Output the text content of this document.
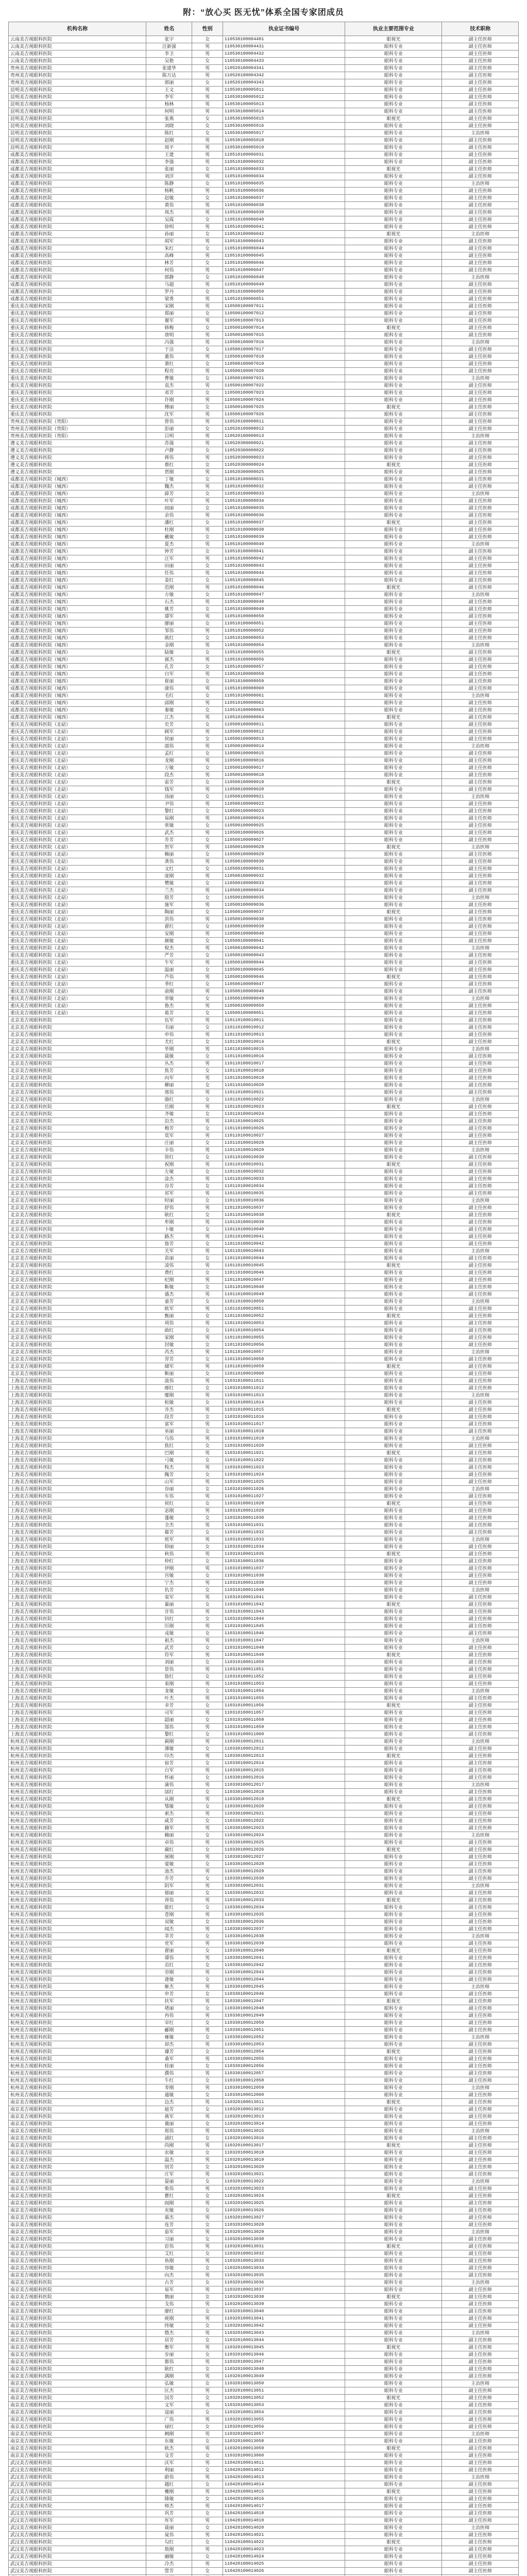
附：“放心买 医无忧”体系全国专家团成员
机构名称	姓名	性别	执业证书编号	执业主要范围专业	技术职称
云南美吉视眼科医院	张宇	女	110530100004481	眼视光	副主任医师
云南美吉视眼科医院	汪新强	男	110530100004431	眼科专业	副主任医师
云南美吉视眼科医院	李卫	男	110530100004432	眼科专业	副主任医师
云南美吉视眼科医院	吴艳	女	110530100004433	眼科专业	副主任医师
贵州美吉视眼科医院	张建华	男	110520100004341	眼科专业	副主任医师
贵州美吉视眼科医院	陈万达	男	110520100004342	眼科专业	副主任医师
贵州美吉视眼科医院	郭丽	女	110520100004343	眼科专业	副主任医师
昆明美吉视眼科医院	王文	男	110530100005011	眼科专业	副主任医师
昆明美吉视眼科医院	李军	男	110530100005012	眼科专业	副主任医师
昆明美吉视眼科医院	杨林	男	110530100005013	眼科专业	副主任医师
昆明美吉视眼科医院	何明	男	110530100005014	眼科专业	副主任医师
昆明美吉视眼科医院	张燕	女	110530100005015	眼视光	副主任医师
昆明美吉视眼科医院	刘晓	女	110530100005016	眼科专业	副主任医师
昆明美吉视眼科医院	陈红	女	110530100005017	眼科专业	主治医师
昆明美吉视眼科医院	赵刚	男	110530100005018	眼科专业	副主任医师
昆明美吉视眼科医院	周平	男	110530100005019	眼科专业	副主任医师
成都美吉视眼科医院	王建	男	110510100006031	眼科专业	副主任医师
成都美吉视眼科医院	李强	男	110510100006032	眼科专业	副主任医师
成都美吉视眼科医院	张丽	女	110510100006033	眼视光	副主任医师
成都美吉视眼科医院	刘洋	男	110510100006034	眼科专业	副主任医师
成都美吉视眼科医院	陈静	女	110510100006035	眼科专业	主治医师
成都美吉视眼科医院	杨帆	男	110510100006036	眼科专业	副主任医师
成都美吉视眼科医院	赵敏	女	110510100006037	眼科专业	副主任医师
成都美吉视眼科医院	黄伟	男	110510100006038	眼科专业	副主任医师
成都美吉视眼科医院	周杰	男	110510100006039	眼科专业	副主任医师
成都美吉视眼科医院	吴霞	女	110510100006040	眼科专业	副主任医师
成都美吉视眼科医院	徐明	男	110510100006041	眼科专业	副主任医师
成都美吉视眼科医院	孙丽	女	110510100006042	眼视光	主治医师
成都美吉视眼科医院	胡军	男	110510100006043	眼科专业	副主任医师
成都美吉视眼科医院	朱红	女	110510100006044	眼科专业	副主任医师
成都美吉视眼科医院	高峰	男	110510100006045	眼科专业	副主任医师
成都美吉视眼科医院	林芳	女	110510100006046	眼科专业	副主任医师
成都美吉视眼科医院	何伟	男	110510100006047	眼科专业	副主任医师
成都美吉视眼科医院	郭静	女	110510100006048	眼科专业	主治医师
成都美吉视眼科医院	马超	男	110510100006049	眼科专业	副主任医师
成都美吉视眼科医院	罗丹	女	110510100006050	眼科专业	副主任医师
成都美吉视眼科医院	梁勇	男	110510100006051	眼科专业	副主任医师
重庆美吉视眼科医院	宋刚	男	110500100007011	眼科专业	副主任医师
重庆美吉视眼科医院	郑丽	女	110500100007012	眼科专业	副主任医师
重庆美吉视眼科医院	谢军	男	110500100007013	眼科专业	副主任医师
重庆美吉视眼科医院	韩梅	女	110500100007014	眼视光	副主任医师
重庆美吉视眼科医院	唐明	男	110500100007015	眼科专业	副主任医师
重庆美吉视眼科医院	冯强	男	110500100007016	眼科专业	主治医师
重庆美吉视眼科医院	于洁	女	110500100007017	眼科专业	副主任医师
重庆美吉视眼科医院	董伟	男	110500100007018	眼科专业	副主任医师
重庆美吉视眼科医院	萧红	女	110500100007019	眼科专业	副主任医师
重庆美吉视眼科医院	程亮	男	110500100007020	眼科专业	副主任医师
重庆美吉视眼科医院	曹敏	女	110500100007021	眼科专业	主治医师
重庆美吉视眼科医院	袁杰	男	110500100007022	眼科专业	副主任医师
重庆美吉视眼科医院	邓芳	女	110500100007023	眼科专业	副主任医师
重庆美吉视眼科医院	许刚	男	110500100007024	眼科专业	副主任医师
重庆美吉视眼科医院	傅丽	女	110500100007025	眼视光	副主任医师
重庆美吉视眼科医院	沈军	男	110500100007026	眼科专业	副主任医师
贵州美吉视眼科医院（贵阳）	曾伟	男	110520100008011	眼科专业	副主任医师
贵州美吉视眼科医院（贵阳）	彭丽	女	110520100008012	眼科专业	副主任医师
贵州美吉视眼科医院（贵阳）	吕明	男	110520100008013	眼科专业	主治医师
遵义美吉视眼科医院	苏强	男	110520300008021	眼科专业	副主任医师
遵义美吉视眼科医院	卢静	女	110520300008022	眼科专业	副主任医师
遵义美吉视眼科医院	蒋伟	男	110520300008023	眼科专业	副主任医师
遵义美吉视眼科医院	蔡红	女	110520300008024	眼视光	副主任医师
遵义美吉视眼科医院	贾刚	男	110520300008025	眼科专业	副主任医师
成都美吉视眼科医院（城西）	丁敏	女	110510100008031	眼科专业	副主任医师
成都美吉视眼科医院（城西）	魏杰	男	110510100008032	眼科专业	副主任医师
成都美吉视眼科医院（城西）	薛芳	女	110510100008033	眼科专业	主治医师
成都美吉视眼科医院（城西）	叶军	男	110510100008034	眼科专业	副主任医师
成都美吉视眼科医院（城西）	阎丽	女	110510100008035	眼科专业	副主任医师
成都美吉视眼科医院（城西）	余伟	男	110510100008036	眼科专业	副主任医师
成都美吉视眼科医院（城西）	潘红	女	110510100008037	眼视光	副主任医师
成都美吉视眼科医院（城西）	杜刚	男	110510100008038	眼科专业	副主任医师
成都美吉视眼科医院（城西）	戴敏	女	110510100008039	眼科专业	副主任医师
成都美吉视眼科医院（城西）	夏杰	男	110510100008040	眼科专业	主治医师
成都美吉视眼科医院（城西）	钟芳	女	110510100008041	眼科专业	副主任医师
成都美吉视眼科医院（城西）	汪军	男	110510100008042	眼科专业	副主任医师
成都美吉视眼科医院（城西）	田丽	女	110510100008043	眼科专业	副主任医师
成都美吉视眼科医院（城西）	任伟	男	110510100008044	眼科专业	副主任医师
成都美吉视眼科医院（城西）	姜红	女	110510100008045	眼科专业	副主任医师
成都美吉视眼科医院（城西）	范刚	男	110510100008046	眼视光	副主任医师
成都美吉视眼科医院（城西）	方敏	女	110510100008047	眼科专业	主治医师
成都美吉视眼科医院（城西）	石杰	男	110510100008048	眼科专业	副主任医师
成都美吉视眼科医院（城西）	姚芳	女	110510100008049	眼科专业	副主任医师
成都美吉视眼科医院（城西）	谭军	男	110510100008050	眼科专业	副主任医师
成都美吉视眼科医院（城西）	廖丽	女	110510100008051	眼科专业	副主任医师
成都美吉视眼科医院（城西）	邹伟	男	110510100008052	眼科专业	副主任医师
成都美吉视眼科医院（城西）	熊红	女	110510100008053	眼科专业	副主任医师
成都美吉视眼科医院（城西）	金刚	男	110510100008054	眼科专业	主治医师
成都美吉视眼科医院（城西）	陆敏	女	110510100008055	眼视光	副主任医师
成都美吉视眼科医院（城西）	郝杰	男	110510100008056	眼科专业	副主任医师
成都美吉视眼科医院（城西）	孔芳	女	110510100008057	眼科专业	副主任医师
成都美吉视眼科医院（城西）	白军	男	110510100008058	眼科专业	副主任医师
成都美吉视眼科医院（城西）	崔丽	女	110510100008059	眼科专业	副主任医师
成都美吉视眼科医院（城西）	康伟	男	110510100008060	眼科专业	副主任医师
成都美吉视眼科医院（城西）	毛红	女	110510100008061	眼科专业	主治医师
成都美吉视眼科医院（城西）	邱刚	男	110510100008062	眼科专业	副主任医师
成都美吉视眼科医院（城西）	秦敏	女	110510100008063	眼科专业	副主任医师
成都美吉视眼科医院（城西）	江杰	男	110510100008064	眼视光	副主任医师
重庆美吉视眼科医院（北碚）	史芳	女	110500100009011	眼科专业	副主任医师
重庆美吉视眼科医院（北碚）	顾军	男	110500100009012	眼科专业	副主任医师
重庆美吉视眼科医院（北碚）	侯丽	女	110500100009013	眼科专业	副主任医师
重庆美吉视眼科医院（北碚）	邵伟	男	110500100009014	眼科专业	主治医师
重庆美吉视眼科医院（北碚）	孟红	女	110500100009015	眼科专业	副主任医师
重庆美吉视眼科医院（北碚）	龙刚	男	110500100009016	眼科专业	副主任医师
重庆美吉视眼科医院（北碚）	万敏	女	110500100009017	眼科专业	副主任医师
重庆美吉视眼科医院（北碚）	段杰	男	110500100009018	眼科专业	副主任医师
重庆美吉视眼科医院（北碚）	雷芳	女	110500100009019	眼视光	副主任医师
重庆美吉视眼科医院（北碚）	钱军	男	110500100009020	眼科专业	副主任医师
重庆美吉视眼科医院（北碚）	汤丽	女	110500100009021	眼科专业	主治医师
重庆美吉视眼科医院（北碚）	尹伟	男	110500100009022	眼科专业	副主任医师
重庆美吉视眼科医院（北碚）	黎红	女	110500100009023	眼科专业	副主任医师
重庆美吉视眼科医院（北碚）	易刚	男	110500100009024	眼科专业	副主任医师
重庆美吉视眼科医院（北碚）	常敏	女	110500100009025	眼科专业	副主任医师
重庆美吉视眼科医院（北碚）	武杰	男	110500100009026	眼科专业	副主任医师
重庆美吉视眼科医院（北碚）	乔芳	女	110500100009027	眼科专业	副主任医师
重庆美吉视眼科医院（北碚）	贺军	男	110500100009028	眼视光	主治医师
重庆美吉视眼科医院（北碚）	赖丽	女	110500100009029	眼科专业	副主任医师
重庆美吉视眼科医院（北碚）	龚伟	男	110500100009030	眼科专业	副主任医师
重庆美吉视眼科医院（北碚）	文红	女	110500100009031	眼科专业	副主任医师
重庆美吉视眼科医院（北碚）	庞刚	男	110500100009032	眼科专业	副主任医师
重庆美吉视眼科医院（北碚）	樊敏	女	110500100009033	眼科专业	副主任医师
重庆美吉视眼科医院（北碚）	兰杰	男	110500100009034	眼科专业	副主任医师
重庆美吉视眼科医院（北碚）	殷芳	女	110500100009035	眼科专业	主治医师
重庆美吉视眼科医院（北碚）	施军	男	110500100009036	眼科专业	副主任医师
重庆美吉视眼科医院（北碚）	陶丽	女	110500100009037	眼视光	副主任医师
重庆美吉视眼科医院（北碚）	洪伟	男	110500100009038	眼科专业	副主任医师
重庆美吉视眼科医院（北碚）	翟红	女	110500100009039	眼科专业	副主任医师
重庆美吉视眼科医院（北碚）	安刚	男	110500100009040	眼科专业	副主任医师
重庆美吉视眼科医院（北碚）	颜敏	女	110500100009041	眼科专业	副主任医师
重庆美吉视眼科医院（北碚）	倪杰	男	110500100009042	眼科专业	主治医师
重庆美吉视眼科医院（北碚）	严芳	女	110500100009043	眼科专业	副主任医师
重庆美吉视眼科医院（北碚）	牛军	男	110500100009044	眼科专业	副主任医师
重庆美吉视眼科医院（北碚）	温丽	女	110500100009045	眼科专业	副主任医师
重庆美吉视眼科医院（北碚）	芦伟	男	110500100009046	眼视光	副主任医师
重庆美吉视眼科医院（北碚）	季红	女	110500100009047	眼科专业	副主任医师
重庆美吉视眼科医院（北碚）	俞刚	男	110500100009048	眼科专业	副主任医师
重庆美吉视眼科医院（北碚）	章敏	女	110500100009049	眼科专业	主治医师
重庆美吉视眼科医院（北碚）	鲁杰	男	110500100009050	眼科专业	副主任医师
重庆美吉视眼科医院（北碚）	葛芳	女	110500100009051	眼科专业	副主任医师
北京美吉视眼科医院	伍军	男	110110100010011	眼科专业	副主任医师
北京美吉视眼科医院	韦丽	女	110110100010012	眼科专业	副主任医师
北京美吉视眼科医院	申伟	男	110110100010013	眼科专业	副主任医师
北京美吉视眼科医院	尤红	女	110110100010014	眼视光	副主任医师
北京美吉视眼科医院	毕刚	男	110110100010015	眼科专业	主治医师
北京美吉视眼科医院	聂敏	女	110110100010016	眼科专业	副主任医师
北京美吉视眼科医院	丛杰	男	110110100010017	眼科专业	副主任医师
北京美吉视眼科医院	焦芳	女	110110100010018	眼科专业	副主任医师
北京美吉视眼科医院	向军	男	110110100010019	眼科专业	副主任医师
北京美吉视眼科医院	柳丽	女	110110100010020	眼科专业	副主任医师
北京美吉视眼科医院	邢伟	男	110110100010021	眼科专业	副主任医师
北京美吉视眼科医院	骆红	女	110110100010022	眼科专业	主治医师
北京美吉视眼科医院	岳刚	男	110110100010023	眼视光	副主任医师
北京美吉视眼科医院	齐敏	女	110110100010024	眼科专业	副主任医师
北京美吉视眼科医院	沿杰	男	110110100010025	眼科专业	副主任医师
北京美吉视眼科医院	梅芳	女	110110100010026	眼科专业	副主任医师
北京美吉视眼科医院	莫军	男	110110100010027	眼科专业	副主任医师
北京美吉视眼科医院	庄丽	女	110110100010028	眼科专业	副主任医师
北京美吉视眼科医院	辛伟	男	110110100010029	眼科专业	主治医师
北京美吉视眼科医院	管红	女	110110100010030	眼科专业	副主任医师
北京美吉视眼科医院	祝刚	男	110110100010031	眼视光	副主任医师
北京美吉视眼科医院	左敏	女	110110100010032	眼科专业	副主任医师
北京美吉视眼科医院	涂杰	男	110110100010033	眼科专业	副主任医师
北京美吉视眼科医院	谷芳	女	110110100010034	眼科专业	副主任医师
北京美吉视眼科医院	祁军	男	110110100010035	眼科专业	副主任医师
北京美吉视眼科医院	时丽	女	110110100010036	眼科专业	主治医师
北京美吉视眼科医院	舒伟	男	110110100010037	眼科专业	副主任医师
北京美吉视眼科医院	耿红	女	110110100010038	眼视光	副主任医师
北京美吉视眼科医院	牟刚	男	110110100010039	眼科专业	副主任医师
北京美吉视眼科医院	卜敏	女	110110100010040	眼科专业	副主任医师
北京美吉视眼科医院	路杰	男	110110100010041	眼科专业	副主任医师
北京美吉视眼科医院	詹芳	女	110110100010042	眼科专业	副主任医师
北京美吉视眼科医院	关军	男	110110100010043	眼科专业	主治医师
北京美吉视眼科医院	苗丽	女	110110100010044	眼科专业	副主任医师
北京美吉视眼科医院	凌伟	男	110110100010045	眼视光	副主任医师
北京美吉视眼科医院	费红	女	110110100010046	眼科专业	副主任医师
北京美吉视眼科医院	纪刚	男	110110100010047	眼科专业	副主任医师
北京美吉视眼科医院	靳敏	女	110110100010048	眼科专业	副主任医师
北京美吉视眼科医院	盛杰	男	110110100010049	眼科专业	副主任医师
北京美吉视眼科医院	童芳	女	110110100010050	眼科专业	主治医师
北京美吉视眼科医院	欧军	男	110110100010051	眼科专业	副主任医师
北京美吉视眼科医院	甄丽	女	110110100010052	眼视光	副主任医师
北京美吉视眼科医院	项伟	男	110110100010053	眼科专业	副主任医师
北京美吉视眼科医院	曲红	女	110110100010054	眼科专业	副主任医师
北京美吉视眼科医院	家刚	男	110110100010055	眼科专业	副主任医师
北京美吉视眼科医院	封敏	女	110110100010056	眼科专业	副主任医师
北京美吉视眼科医院	芮杰	男	110110100010057	眼科专业	主治医师
北京美吉视眼科医院	羿芳	女	110110100010058	眼科专业	副主任医师
北京美吉视眼科医院	储军	男	110110100010059	眼视光	副主任医师
北京美吉视眼科医院	靳丽	女	110110100010060	眼科专业	副主任医师
上海美吉视眼科医院	汲伟	男	110310100011011	眼科专业	副主任医师
上海美吉视眼科医院	邴红	女	110310100011012	眼科专业	副主任医师
上海美吉视眼科医院	糜刚	男	110310100011013	眼科专业	主治医师
上海美吉视眼科医院	松敏	女	110310100011014	眼科专业	副主任医师
上海美吉视眼科医院	井杰	男	110310100011015	眼视光	副主任医师
上海美吉视眼科医院	段芳	女	110310100011016	眼科专业	副主任医师
上海美吉视眼科医院	富军	男	110310100011017	眼科专业	副主任医师
上海美吉视眼科医院	巫丽	女	110310100011018	眼科专业	副主任医师
上海美吉视眼科医院	乌伟	男	110310100011019	眼科专业	主治医师
上海美吉视眼科医院	焦红	女	110310100011020	眼科专业	副主任医师
上海美吉视眼科医院	巴刚	男	110310100011021	眼视光	副主任医师
上海美吉视眼科医院	弓敏	女	110310100011022	眼科专业	副主任医师
上海美吉视眼科医院	牧杰	男	110310100011023	眼科专业	副主任医师
上海美吉视眼科医院	隗芳	女	110310100011024	眼科专业	副主任医师
上海美吉视眼科医院	山军	男	110310100011025	眼科专业	副主任医师
上海美吉视眼科医院	谷丽	女	110310100011026	眼科专业	主治医师
上海美吉视眼科医院	车伟	男	110310100011027	眼科专业	副主任医师
上海美吉视眼科医院	侯红	女	110310100011028	眼视光	副主任医师
上海美吉视眼科医院	宓刚	男	110310100011029	眼科专业	副主任医师
上海美吉视眼科医院	蓬敏	女	110310100011030	眼科专业	副主任医师
上海美吉视眼科医院	全杰	男	110310100011031	眼科专业	副主任医师
上海美吉视眼科医院	郗芳	女	110310100011032	眼科专业	副主任医师
上海美吉视眼科医院	班军	男	110310100011033	眼科专业	主治医师
上海美吉视眼科医院	仰丽	女	110310100011034	眼科专业	副主任医师
上海美吉视眼科医院	秋伟	男	110310100011035	眼视光	副主任医师
上海美吉视眼科医院	仲红	女	110310100011036	眼科专业	副主任医师
上海美吉视眼科医院	伊刚	男	110310100011037	眼科专业	副主任医师
上海美吉视眼科医院	宫敏	女	110310100011038	眼科专业	副主任医师
上海美吉视眼科医院	宁杰	男	110310100011039	眼科专业	副主任医师
上海美吉视眼科医院	仇芳	女	110310100011040	眼科专业	主治医师
上海美吉视眼科医院	栾军	男	110310100011041	眼科专业	副主任医师
上海美吉视眼科医院	暴丽	女	110310100011042	眼视光	副主任医师
上海美吉视眼科医院	甘伟	男	110310100011043	眼科专业	副主任医师
上海美吉视眼科医院	钭红	女	110310100011044	眼科专业	副主任医师
上海美吉视眼科医院	厉刚	男	110310100011045	眼科专业	副主任医师
上海美吉视眼科医院	戎敏	女	110310100011046	眼科专业	副主任医师
上海美吉视眼科医院	祖杰	男	110310100011047	眼科专业	主治医师
上海美吉视眼科医院	武芳	女	110310100011048	眼科专业	副主任医师
上海美吉视眼科医院	符军	男	110310100011049	眼视光	副主任医师
上海美吉视眼科医院	刘丽	女	110310100011050	眼科专业	副主任医师
上海美吉视眼科医院	景伟	男	110310100011051	眼科专业	副主任医师
上海美吉视眼科医院	詹红	女	110310100011052	眼科专业	副主任医师
上海美吉视眼科医院	束刚	男	110310100011053	眼科专业	副主任医师
上海美吉视眼科医院	龙敏	女	110310100011054	眼科专业	主治医师
上海美吉视眼科医院	叶杰	男	110310100011055	眼科专业	副主任医师
上海美吉视眼科医院	幸芳	女	110310100011056	眼视光	副主任医师
上海美吉视眼科医院	司军	男	110310100011057	眼科专业	副主任医师
上海美吉视眼科医院	韶丽	女	110310100011058	眼科专业	副主任医师
上海美吉视眼科医院	郜伟	男	110310100011059	眼科专业	副主任医师
上海美吉视眼科医院	黎红	女	110310100011060	眼科专业	副主任医师
杭州美吉视眼科医院	蓟刚	男	110330100012011	眼科专业	主治医师
杭州美吉视眼科医院	薄敏	女	110330100012012	眼科专业	副主任医师
杭州美吉视眼科医院	印杰	男	110330100012013	眼视光	副主任医师
杭州美吉视眼科医院	宿芳	女	110330100012014	眼科专业	副主任医师
杭州美吉视眼科医院	白军	男	110330100012015	眼科专业	副主任医师
杭州美吉视眼科医院	怀丽	女	110330100012016	眼科专业	副主任医师
杭州美吉视眼科医院	蒲伟	男	110330100012017	眼科专业	主治医师
杭州美吉视眼科医院	邰红	女	110330100012018	眼科专业	副主任医师
杭州美吉视眼科医院	从刚	男	110330100012019	眼视光	副主任医师
杭州美吉视眼科医院	鄂敏	女	110330100012020	眼科专业	副主任医师
杭州美吉视眼科医院	索杰	男	110330100012021	眼科专业	副主任医师
杭州美吉视眼科医院	咸芳	女	110330100012022	眼科专业	副主任医师
杭州美吉视眼科医院	籍军	男	110330100012023	眼科专业	副主任医师
杭州美吉视眼科医院	赖丽	女	110330100012024	眼科专业	主治医师
杭州美吉视眼科医院	卓伟	男	110330100012025	眼科专业	副主任医师
杭州美吉视眼科医院	蔺红	女	110330100012026	眼视光	副主任医师
杭州美吉视眼科医院	屠刚	男	110330100012027	眼科专业	副主任医师
杭州美吉视眼科医院	蒙敏	女	110330100012028	眼科专业	副主任医师
杭州美吉视眼科医院	池杰	男	110330100012029	眼科专业	副主任医师
杭州美吉视眼科医院	乔芳	女	110330100012030	眼科专业	副主任医师
杭州美吉视眼科医院	阴军	男	110330100012031	眼科专业	主治医师
杭州美吉视眼科医院	郁丽	女	110330100012032	眼科专业	副主任医师
杭州美吉视眼科医院	胥伟	男	110330100012033	眼视光	副主任医师
杭州美吉视眼科医院	能红	女	110330100012034	眼科专业	副主任医师
杭州美吉视眼科医院	苍刚	男	110330100012035	眼科专业	副主任医师
杭州美吉视眼科医院	双敏	女	110330100012036	眼科专业	副主任医师
杭州美吉视眼科医院	闻杰	男	110330100012037	眼科专业	副主任医师
杭州美吉视眼科医院	莘芳	女	110330100012038	眼科专业	主治医师
杭州美吉视眼科医院	党军	男	110330100012039	眼科专业	副主任医师
杭州美吉视眼科医院	翟丽	女	110330100012040	眼视光	副主任医师
杭州美吉视眼科医院	谭伟	男	110330100012041	眼科专业	副主任医师
杭州美吉视眼科医院	贡红	女	110330100012042	眼科专业	副主任医师
杭州美吉视眼科医院	劳刚	男	110330100012043	眼科专业	副主任医师
杭州美吉视眼科医院	逄敏	女	110330100012044	眼科专业	副主任医师
杭州美吉视眼科医院	姬杰	男	110330100012045	眼科专业	主治医师
杭州美吉视眼科医院	申芳	女	110330100012046	眼科专业	副主任医师
杭州美吉视眼科医院	扶军	男	110330100012047	眼视光	副主任医师
杭州美吉视眼科医院	堵丽	女	110330100012048	眼科专业	副主任医师
杭州美吉视眼科医院	冉伟	男	110330100012049	眼科专业	副主任医师
杭州美吉视眼科医院	宰红	女	110330100012050	眼科专业	副主任医师
杭州美吉视眼科医院	郦刚	男	110330100012051	眼科专业	副主任医师
杭州美吉视眼科医院	雍敏	女	110330100012052	眼科专业	主治医师
杭州美吉视眼科医院	却杰	男	110330100012053	眼科专业	副主任医师
杭州美吉视眼科医院	璩芳	女	110330100012054	眼视光	副主任医师
杭州美吉视眼科医院	桑军	男	110330100012055	眼科专业	副主任医师
杭州美吉视眼科医院	桂丽	女	110330100012056	眼科专业	副主任医师
杭州美吉视眼科医院	濮伟	男	110330100012057	眼科专业	副主任医师
杭州美吉视眼科医院	牛红	女	110330100012058	眼科专业	副主任医师
杭州美吉视眼科医院	寿刚	男	110330100012059	眼科专业	主治医师
杭州美吉视眼科医院	通敏	女	110330100012060	眼科专业	副主任医师
南京美吉视眼科医院	边杰	男	110320100013011	眼视光	副主任医师
南京美吉视眼科医院	扈芳	女	110320100013012	眼科专业	副主任医师
南京美吉视眼科医院	燕军	男	110320100013013	眼科专业	副主任医师
南京美吉视眼科医院	冀丽	女	110320100013014	眼科专业	副主任医师
南京美吉视眼科医院	郏伟	男	110320100013015	眼科专业	主治医师
南京美吉视眼科医院	浦红	女	110320100013016	眼科专业	副主任医师
南京美吉视眼科医院	尚刚	男	110320100013017	眼视光	副主任医师
南京美吉视眼科医院	农敏	女	110320100013018	眼科专业	副主任医师
南京美吉视眼科医院	温杰	男	110320100013019	眼科专业	副主任医师
南京美吉视眼科医院	别芳	女	110320100013020	眼科专业	副主任医师
南京美吉视眼科医院	庄军	男	110320100013021	眼科专业	副主任医师
南京美吉视眼科医院	晏丽	女	110320100013022	眼科专业	主治医师
南京美吉视眼科医院	柴伟	男	110320100013023	眼科专业	副主任医师
南京美吉视眼科医院	瞿红	女	110320100013024	眼视光	副主任医师
南京美吉视眼科医院	阎刚	男	110320100013025	眼科专业	副主任医师
南京美吉视眼科医院	充敏	女	110320100013026	眼科专业	副主任医师
南京美吉视眼科医院	慕杰	男	110320100013027	眼科专业	副主任医师
南京美吉视眼科医院	连芳	女	110320100013028	眼科专业	副主任医师
南京美吉视眼科医院	茹军	男	110320100013029	眼科专业	主治医师
南京美吉视眼科医院	习丽	女	110320100013030	眼科专业	副主任医师
南京美吉视眼科医院	宦伟	男	110320100013031	眼视光	副主任医师
南京美吉视眼科医院	艾红	女	110320100013032	眼科专业	副主任医师
南京美吉视眼科医院	鱼刚	男	110320100013033	眼科专业	副主任医师
南京美吉视眼科医院	容敏	女	110320100013034	眼科专业	副主任医师
南京美吉视眼科医院	向杰	男	110320100013035	眼科专业	副主任医师
南京美吉视眼科医院	古芳	女	110320100013036	眼科专业	主治医师
南京美吉视眼科医院	易军	男	110320100013037	眼科专业	副主任医师
南京美吉视眼科医院	慎丽	女	110320100013038	眼视光	副主任医师
南京美吉视眼科医院	戈伟	男	110320100013039	眼科专业	副主任医师
南京美吉视眼科医院	廖红	女	110320100013040	眼科专业	副主任医师
南京美吉视眼科医院	庾刚	男	110320100013041	眼科专业	副主任医师
南京美吉视眼科医院	终敏	女	110320100013042	眼科专业	副主任医师
南京美吉视眼科医院	暨杰	男	110320100013043	眼科专业	主治医师
南京美吉视眼科医院	居芳	女	110320100013044	眼科专业	副主任医师
南京美吉视眼科医院	衡军	男	110320100013045	眼视光	副主任医师
南京美吉视眼科医院	步丽	女	110320100013046	眼科专业	副主任医师
南京美吉视眼科医院	都伟	男	110320100013047	眼科专业	副主任医师
南京美吉视眼科医院	耿红	女	110320100013048	眼科专业	副主任医师
南京美吉视眼科医院	满刚	男	110320100013049	眼科专业	副主任医师
南京美吉视眼科医院	弘敏	女	110320100013050	眼科专业	主治医师
南京美吉视眼科医院	匡杰	男	110320100013051	眼科专业	副主任医师
南京美吉视眼科医院	国芳	女	110320100013052	眼视光	副主任医师
南京美吉视眼科医院	文军	男	110320100013053	眼科专业	副主任医师
南京美吉视眼科医院	寇丽	女	110320100013054	眼科专业	副主任医师
南京美吉视眼科医院	广伟	男	110320100013055	眼科专业	副主任医师
南京美吉视眼科医院	禄红	女	110320100013056	眼科专业	副主任医师
南京美吉视眼科医院	阙刚	男	110320100013057	眼科专业	主治医师
南京美吉视眼科医院	东敏	女	110320100013058	眼科专业	副主任医师
南京美吉视眼科医院	欧杰	男	110320100013059	眼视光	副主任医师
南京美吉视眼科医院	殳芳	女	110320100013060	眼科专业	副主任医师
武汉美吉视眼科医院	沃军	男	110420100014011	眼科专业	副主任医师
武汉美吉视眼科医院	利丽	女	110420100014012	眼科专业	副主任医师
武汉美吉视眼科医院	蔚伟	男	110420100014013	眼科专业	主治医师
武汉美吉视眼科医院	越红	女	110420100014014	眼科专业	副主任医师
武汉美吉视眼科医院	夔刚	男	110420100014015	眼视光	副主任医师
武汉美吉视眼科医院	隆敏	女	110420100014016	眼科专业	副主任医师
武汉美吉视眼科医院	师杰	男	110420100014017	眼科专业	副主任医师
武汉美吉视眼科医院	巩芳	女	110420100014018	眼科专业	副主任医师
武汉美吉视眼科医院	厍军	男	110420100014019	眼科专业	副主任医师
武汉美吉视眼科医院	聂丽	女	110420100014020	眼科专业	主治医师
武汉美吉视眼科医院	晁伟	男	110420100014021	眼科专业	副主任医师
武汉美吉视眼科医院	勾红	女	110420100014022	眼视光	副主任医师
武汉美吉视眼科医院	敖刚	男	110420100014023	眼科专业	副主任医师
武汉美吉视眼科医院	融敏	女	110420100014024	眼科专业	副主任医师
武汉美吉视眼科医院	冷杰	男	110420100014025	眼科专业	副主任医师
武汉美吉视眼科医院	訾芳	女	110420100014026	眼科专业	副主任医师
